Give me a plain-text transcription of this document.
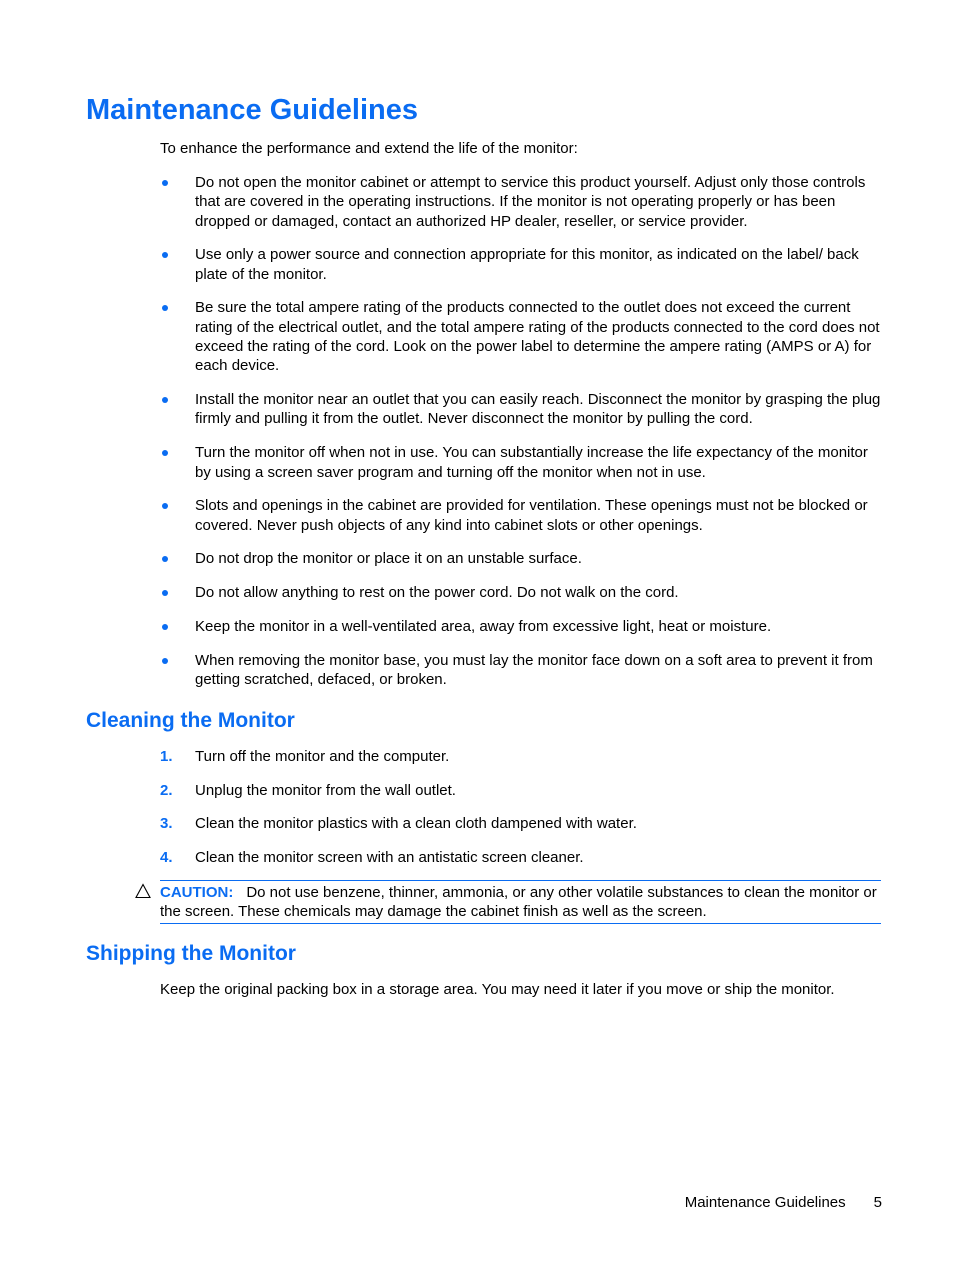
Maintenance Guidelines

To enhance the performance and extend the life of the monitor:

Do not open the monitor cabinet or attempt to service this product yourself. Adjust only those controls that are covered in the operating instructions. If the monitor is not operating properly or has been dropped or damaged, contact an authorized HP dealer, reseller, or service provider.
Use only a power source and connection appropriate for this monitor, as indicated on the label/ back plate of the monitor.
Be sure the total ampere rating of the products connected to the outlet does not exceed the current rating of the electrical outlet, and the total ampere rating of the products connected to the cord does not exceed the rating of the cord. Look on the power label to determine the ampere rating (AMPS or A) for each device.
Install the monitor near an outlet that you can easily reach. Disconnect the monitor by grasping the plug firmly and pulling it from the outlet. Never disconnect the monitor by pulling the cord.
Turn the monitor off when not in use. You can substantially increase the life expectancy of the monitor by using a screen saver program and turning off the monitor when not in use.
Slots and openings in the cabinet are provided for ventilation. These openings must not be blocked or covered. Never push objects of any kind into cabinet slots or other openings.
Do not drop the monitor or place it on an unstable surface.
Do not allow anything to rest on the power cord. Do not walk on the cord.
Keep the monitor in a well-ventilated area, away from excessive light, heat or moisture.
When removing the monitor base, you must lay the monitor face down on a soft area to prevent it from getting scratched, defaced, or broken.
Cleaning the Monitor
1. Turn off the monitor and the computer.
2. Unplug the monitor from the wall outlet.
3. Clean the monitor plastics with a clean cloth dampened with water.
4. Clean the monitor screen with an antistatic screen cleaner.
CAUTION: Do not use benzene, thinner, ammonia, or any other volatile substances to clean the monitor or the screen. These chemicals may damage the cabinet finish as well as the screen.
Shipping the Monitor

Keep the original packing box in a storage area. You may need it later if you move or ship the monitor.

Maintenance Guidelines 5
